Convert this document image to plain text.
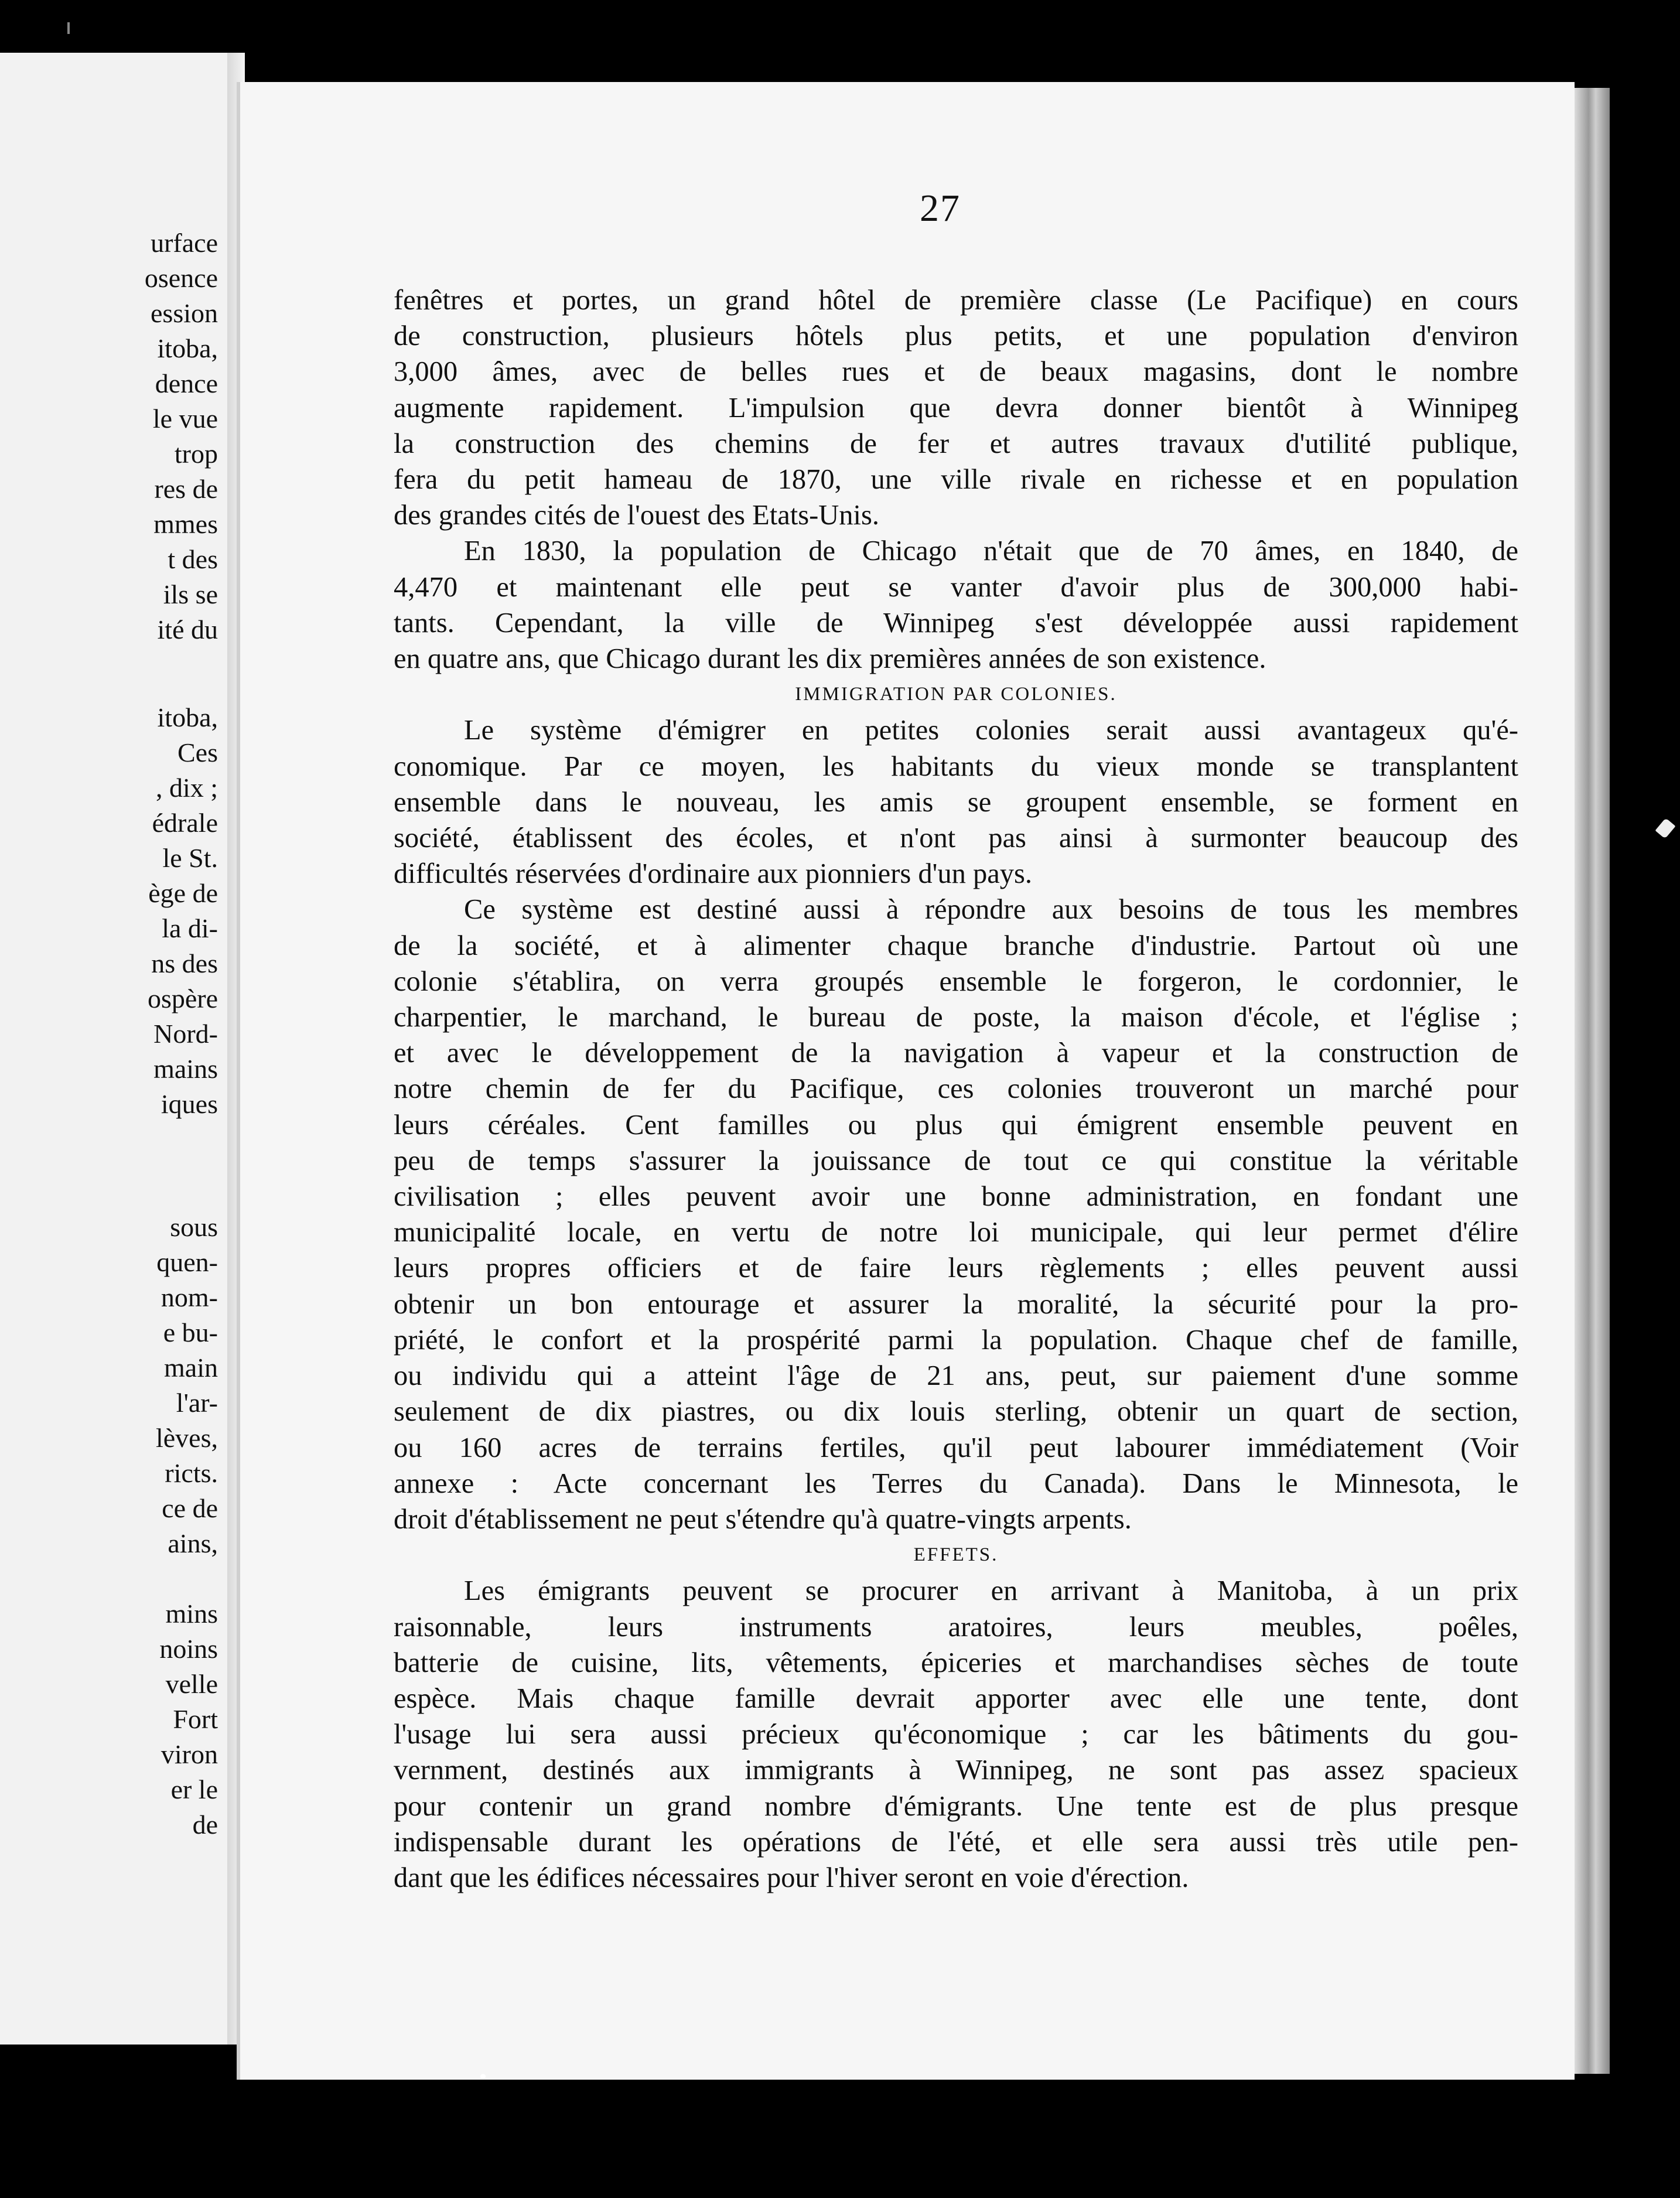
urface
osence
ession
itoba,
dence
le vue
trop
res de
mmes
t des
ils se
ité du
itoba,
Ces
, dix ;
édrale
le St.
ège de
la di-
ns des
ospère
Nord-
mains
iques
sous
quen-
nom-
e bu-
main
l'ar-
lèves,
ricts.
ce de
ains,
mins
noins
velle
Fort
viron
er le
de
27
fenêtres et portes, un grand hôtel de première classe (Le Pacifique) en cours
de construction, plusieurs hôtels plus petits, et une population d'environ
3,000 âmes, avec de belles rues et de beaux magasins, dont le nombre
augmente rapidement. L'impulsion que devra donner bientôt à Winnipeg
la construction des chemins de fer et autres travaux d'utilité publique,
fera du petit hameau de 1870, une ville rivale en richesse et en population
des grandes cités de l'ouest des Etats-Unis.
En 1830, la population de Chicago n'était que de 70 âmes, en 1840, de
4,470 et maintenant elle peut se vanter d'avoir plus de 300,000 habi-
tants. Cependant, la ville de Winnipeg s'est développée aussi rapidement
en quatre ans, que Chicago durant les dix premières années de son existence.
IMMIGRATION PAR COLONIES.
Le système d'émigrer en petites colonies serait aussi avantageux qu'é-
conomique. Par ce moyen, les habitants du vieux monde se transplantent
ensemble dans le nouveau, les amis se groupent ensemble, se forment en
société, établissent des écoles, et n'ont pas ainsi à surmonter beaucoup des
difficultés réservées d'ordinaire aux pionniers d'un pays.
Ce système est destiné aussi à répondre aux besoins de tous les membres
de la société, et à alimenter chaque branche d'industrie. Partout où une
colonie s'établira, on verra groupés ensemble le forgeron, le cordonnier, le
charpentier, le marchand, le bureau de poste, la maison d'école, et l'église ;
et avec le développement de la navigation à vapeur et la construction de
notre chemin de fer du Pacifique, ces colonies trouveront un marché pour
leurs céréales. Cent familles ou plus qui émigrent ensemble peuvent en
peu de temps s'assurer la jouissance de tout ce qui constitue la véritable
civilisation ; elles peuvent avoir une bonne administration, en fondant une
municipalité locale, en vertu de notre loi municipale, qui leur permet d'élire
leurs propres officiers et de faire leurs règlements ; elles peuvent aussi
obtenir un bon entourage et assurer la moralité, la sécurité pour la pro-
priété, le confort et la prospérité parmi la population. Chaque chef de famille,
ou individu qui a atteint l'âge de 21 ans, peut, sur paiement d'une somme
seulement de dix piastres, ou dix louis sterling, obtenir un quart de section,
ou 160 acres de terrains fertiles, qu'il peut labourer immédiatement (Voir
annexe : Acte concernant les Terres du Canada). Dans le Minnesota, le
droit d'établissement ne peut s'étendre qu'à quatre-vingts arpents.
EFFETS.
Les émigrants peuvent se procurer en arrivant à Manitoba, à un prix
raisonnable, leurs instruments aratoires, leurs meubles, poêles,
batterie de cuisine, lits, vêtements, épiceries et marchandises sèches de toute
espèce. Mais chaque famille devrait apporter avec elle une tente, dont
l'usage lui sera aussi précieux qu'économique ; car les bâtiments du gou-
vernment, destinés aux immigrants à Winnipeg, ne sont pas assez spacieux
pour contenir un grand nombre d'émigrants. Une tente est de plus presque
indispensable durant les opérations de l'été, et elle sera aussi très utile pen-
dant que les édifices nécessaires pour l'hiver seront en voie d'érection.
